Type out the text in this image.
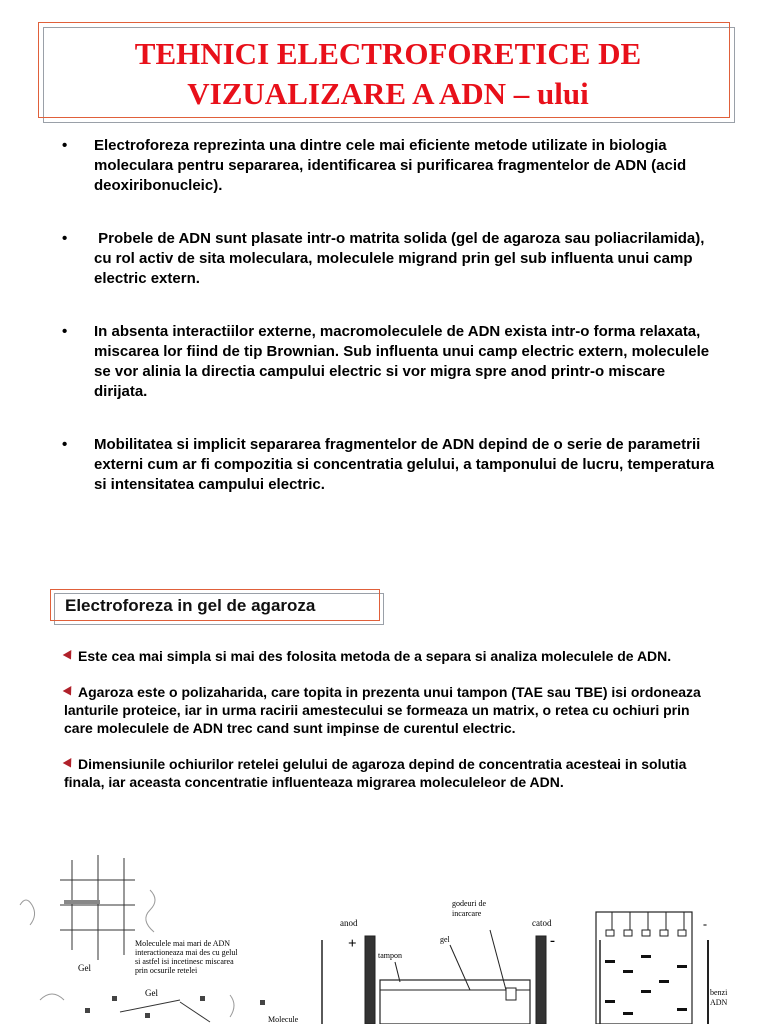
TEHNICI ELECTROFORETICE DE
VIZUALIZARE A ADN – ului
• Electroforeza reprezinta una dintre cele mai eficiente metode utilizate in biologia moleculara pentru separarea, identificarea si purificarea fragmentelor de ADN (acid deoxiribonucleic).
• Probele de ADN sunt plasate intr-o matrita solida (gel de agaroza sau poliacrilamida), cu rol activ de sita moleculara, moleculele migrand prin gel sub influenta unui camp electric extern.
• In absenta interactiilor externe, macromoleculele de ADN exista intr-o forma relaxata, miscarea lor fiind de tip Brownian. Sub influenta unui camp electric extern, moleculele se vor alinia la directia campului electric si vor migra spre anod printr-o miscare dirijata.
• Mobilitatea si implicit separarea fragmentelor de ADN depind de o serie de parametrii externi cum ar fi compozitia si concentratia gelului, a tamponului de lucru, temperatura si intensitatea campului electric.
Electroforeza in gel de agaroza
Este cea mai simpla si mai des folosita metoda de a separa si analiza moleculele de ADN.
Agaroza este o polizaharida, care topita in prezenta unui tampon (TAE sau TBE) isi ordoneaza lanturile proteice, iar in urma racirii amestecului se formeaza un matrix, o retea cu ochiuri prin care moleculele de ADN trec cand sunt impinse de curentul electric.
Dimensiunile ochiurilor retelei gelului de agaroza depind de concentratia acesteai in solutia finala, iar aceasta concentratie influenteaza migrarea moleculeleor de ADN.
Moleculele mai mari de ADN
interactioneaza mai des cu gelul
si astfel isi incetinesc miscarea
prin ocsurile retelei
Gel
Gel
Molecule
anod	catod
+	-
tampon
gel
godeuri de
incarcare
-
benzi
ADN
